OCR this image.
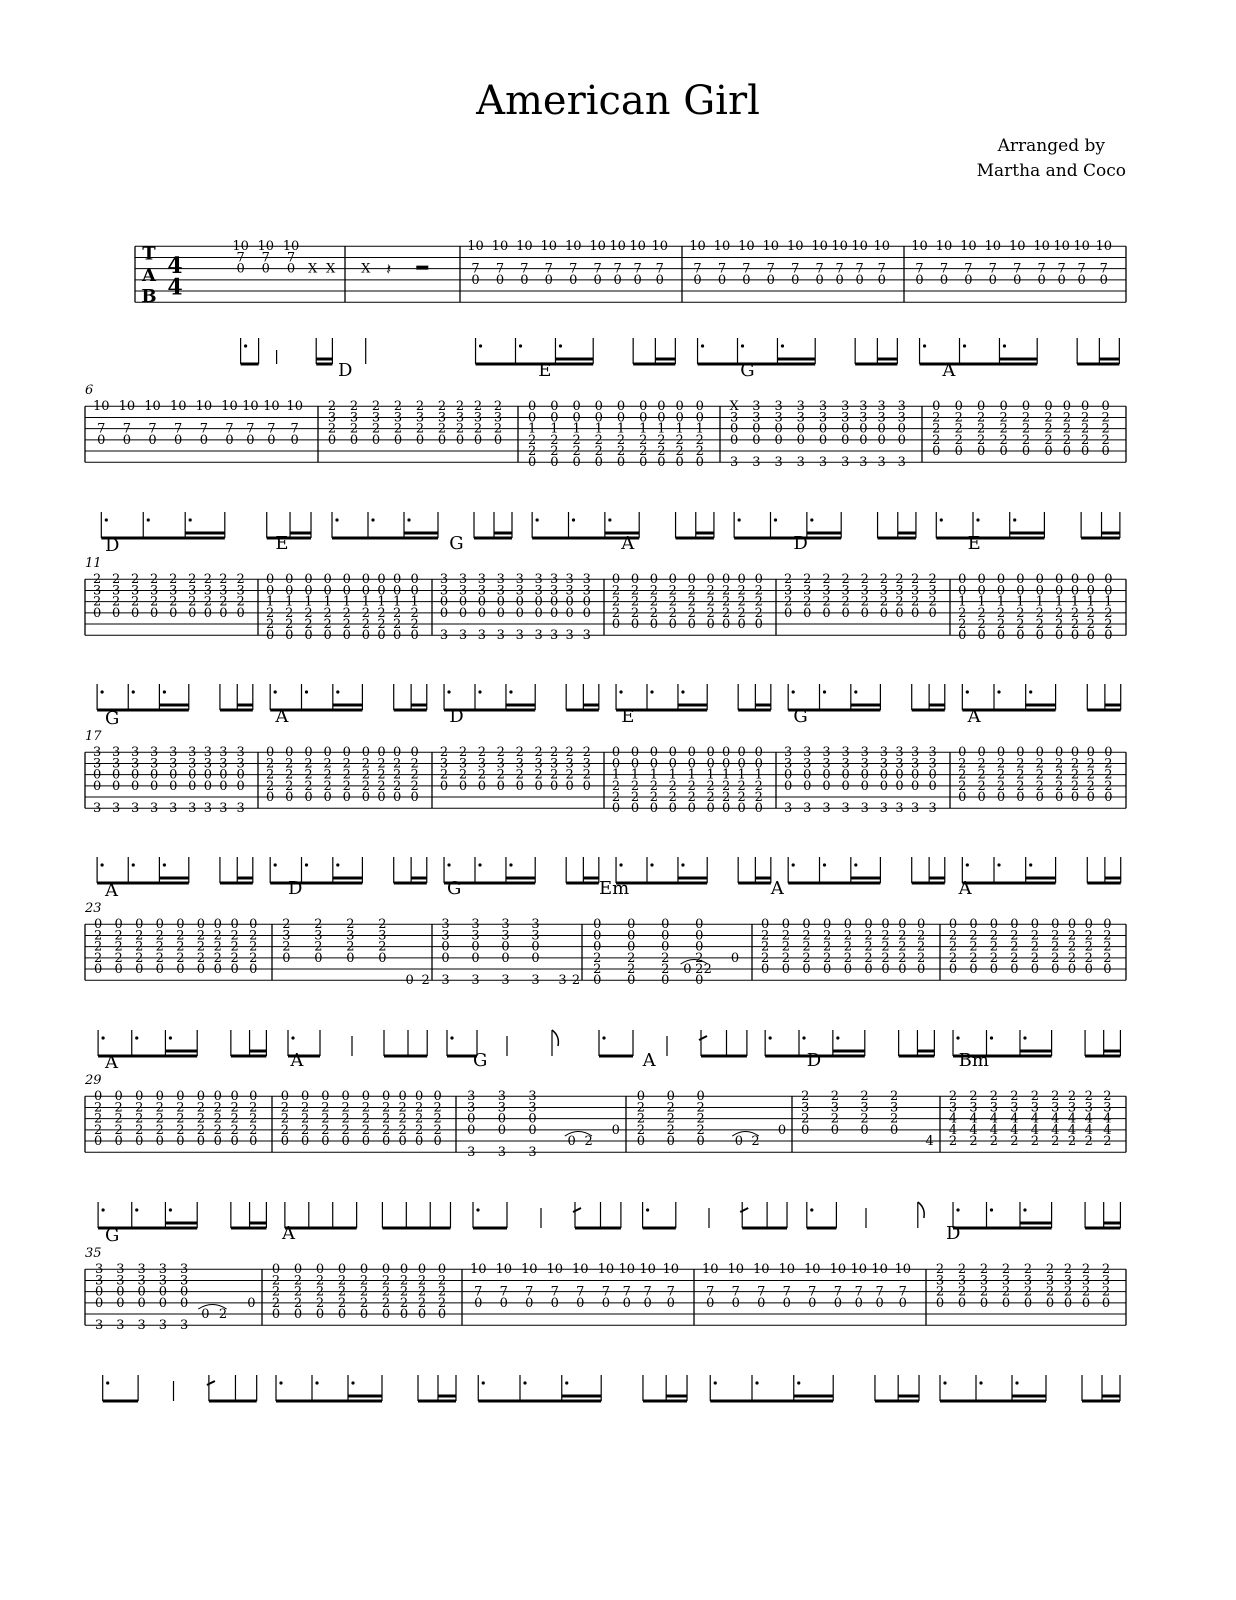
American Girl
Arranged by
Martha and Coco
T
A
B
4
4
10 10 10
7 7 7
0 0 0 X X X 𝄽
10 10 10 10 10 10 10 10 10
7 7 7 7 7 7 7 7 7
0 0 0 0 0 0 0 0 0
10 10 10 10 10 10 10 10 10
7 7 7 7 7 7 7 7 7
0 0 0 0 0 0 0 0 0
10 10 10 10 10 10 10 10 10
7 7 7 7 7 7 7 7 7
0 0 0 0 0 0 0 0 0
6
10 10 10 10 10 10 10 10 10
7 7 7 7 7 7 7 7 7
0 0 0 0 0 0 0 0 0
D
2 2 2 2 2 2 2 2 2
3 3 3 3 3 3 3 3 3
2 2 2 2 2 2 2 2 2
0 0 0 0 0 0 0 0 0
E
0 0 0 0 0 0 0 0 0
0 0 0 0 0 0 0 0 0
1 1 1 1 1 1 1 1 1
2 2 2 2 2 2 2 2 2
2 2 2 2 2 2 2 2 2
0 0 0 0 0 0 0 0 0
G
X 3 3 3 3 3 3 3 3
3 3 3 3 3 3 3 3 3
0 0 0 0 0 0 0 0 0
0 0 0 0 0 0 0 0 0
3 3 3 3 3 3 3 3 3
A
0 0 0 0 0 0 0 0 0
2 2 2 2 2 2 2 2 2
2 2 2 2 2 2 2 2 2
2 2 2 2 2 2 2 2 2
0 0 0 0 0 0 0 0 0
11
D
2 2 2 2 2 2 2 2 2
3 3 3 3 3 3 3 3 3
2 2 2 2 2 2 2 2 2
0 0 0 0 0 0 0 0 0
E
0 0 0 0 0 0 0 0 0
0 0 0 0 0 0 0 0 0
1 1 1 1 1 1 1 1 1
2 2 2 2 2 2 2 2 2
2 2 2 2 2 2 2 2 2
0 0 0 0 0 0 0 0 0
G
3 3 3 3 3 3 3 3 3
3 3 3 3 3 3 3 3 3
0 0 0 0 0 0 0 0 0
0 0 0 0 0 0 0 0 0
3 3 3 3 3 3 3 3 3
A
0 0 0 0 0 0 0 0 0
2 2 2 2 2 2 2 2 2
2 2 2 2 2 2 2 2 2
2 2 2 2 2 2 2 2 2
0 0 0 0 0 0 0 0 0
D
2 2 2 2 2 2 2 2 2
3 3 3 3 3 3 3 3 3
2 2 2 2 2 2 2 2 2
0 0 0 0 0 0 0 0 0
E
0 0 0 0 0 0 0 0 0
0 0 0 0 0 0 0 0 0
1 1 1 1 1 1 1 1 1
2 2 2 2 2 2 2 2 2
2 2 2 2 2 2 2 2 2
0 0 0 0 0 0 0 0 0
17
G
3 3 3 3 3 3 3 3 3
3 3 3 3 3 3 3 3 3
0 0 0 0 0 0 0 0 0
0 0 0 0 0 0 0 0 0
3 3 3 3 3 3 3 3 3
A
0 0 0 0 0 0 0 0 0
2 2 2 2 2 2 2 2 2
2 2 2 2 2 2 2 2 2
2 2 2 2 2 2 2 2 2
0 0 0 0 0 0 0 0 0
D
2 2 2 2 2 2 2 2 2
3 3 3 3 3 3 3 3 3
2 2 2 2 2 2 2 2 2
0 0 0 0 0 0 0 0 0
E
0 0 0 0 0 0 0 0 0
0 0 0 0 0 0 0 0 0
1 1 1 1 1 1 1 1 1
2 2 2 2 2 2 2 2 2
2 2 2 2 2 2 2 2 2
0 0 0 0 0 0 0 0 0
G
3 3 3 3 3 3 3 3 3
3 3 3 3 3 3 3 3 3
0 0 0 0 0 0 0 0 0
0 0 0 0 0 0 0 0 0
3 3 3 3 3 3 3 3 3
A
0 0 0 0 0 0 0 0 0
2 2 2 2 2 2 2 2 2
2 2 2 2 2 2 2 2 2
2 2 2 2 2 2 2 2 2
0 0 0 0 0 0 0 0 0
23
A
0 0 0 0 0 0 0 0 0
2 2 2 2 2 2 2 2 2
2 2 2 2 2 2 2 2 2
2 2 2 2 2 2 2 2 2
0 0 0 0 0 0 0 0 0
D
2 2 2 2
3 3 3 3
2 2 2 2
0 0 0 0
0 2
G
3 3 3 3
3 3 3 3
0 0 0 0
0 0 0 0
3 3 3 3 3 2
Em
0 0 0 0
0 0 0 0
0 0 0 0
2 2 2 2
2 2 2 2
0 0 0 0
0 2
0
A
0 0 0 0 0 0 0 0 0
2 2 2 2 2 2 2 2 2
2 2 2 2 2 2 2 2 2
2 2 2 2 2 2 2 2 2
0 0 0 0 0 0 0 0 0
A
0 0 0 0 0 0 0 0 0
2 2 2 2 2 2 2 2 2
2 2 2 2 2 2 2 2 2
2 2 2 2 2 2 2 2 2
0 0 0 0 0 0 0 0 0
29
A
0 0 0 0 0 0 0 0 0
2 2 2 2 2 2 2 2 2
2 2 2 2 2 2 2 2 2
2 2 2 2 2 2 2 2 2
0 0 0 0 0 0 0 0 0
A
0 0 0 0 0 0 0 0 0
2 2 2 2 2 2 2 2 2
2 2 2 2 2 2 2 2 2
2 2 2 2 2 2 2 2 2
0 0 0 0 0 0 0 0 0
G
3 3 3
3 3 3
0 0 0
0 0 0
3 3 3
0 2
0
A
0 0 0
2 2 2
2 2 2
2 2 2
0 0 0 0 2
0
D
2 2 2 2
3 3 3 3
2 2 2 2
0 0 0 0
4
Bm
2 2 2 2 2 2 2 2 2
3 3 3 3 3 3 3 3 3
4 4 4 4 4 4 4 4 4
4 4 4 4 4 4 4 4 4
2 2 2 2 2 2 2 2 2
35
G
3 3 3 3 3
3 3 3 3 3
0 0 0 0 0
0 0 0 0 0
3 3 3 3 3
0 2
0
A
0 0 0 0 0 0 0 0 0
2 2 2 2 2 2 2 2 2
2 2 2 2 2 2 2 2 2
2 2 2 2 2 2 2 2 2
0 0 0 0 0 0 0 0 0
10 10 10 10 10 10 10 10 10
7 7 7 7 7 7 7 7 7
0 0 0 0 0 0 0 0 0
10 10 10 10 10 10 10 10 10
7 7 7 7 7 7 7 7 7
0 0 0 0 0 0 0 0 0
D
2 2 2 2 2 2 2 2 2
3 3 3 3 3 3 3 3 3
2 2 2 2 2 2 2 2 2
0 0 0 0 0 0 0 0 0
